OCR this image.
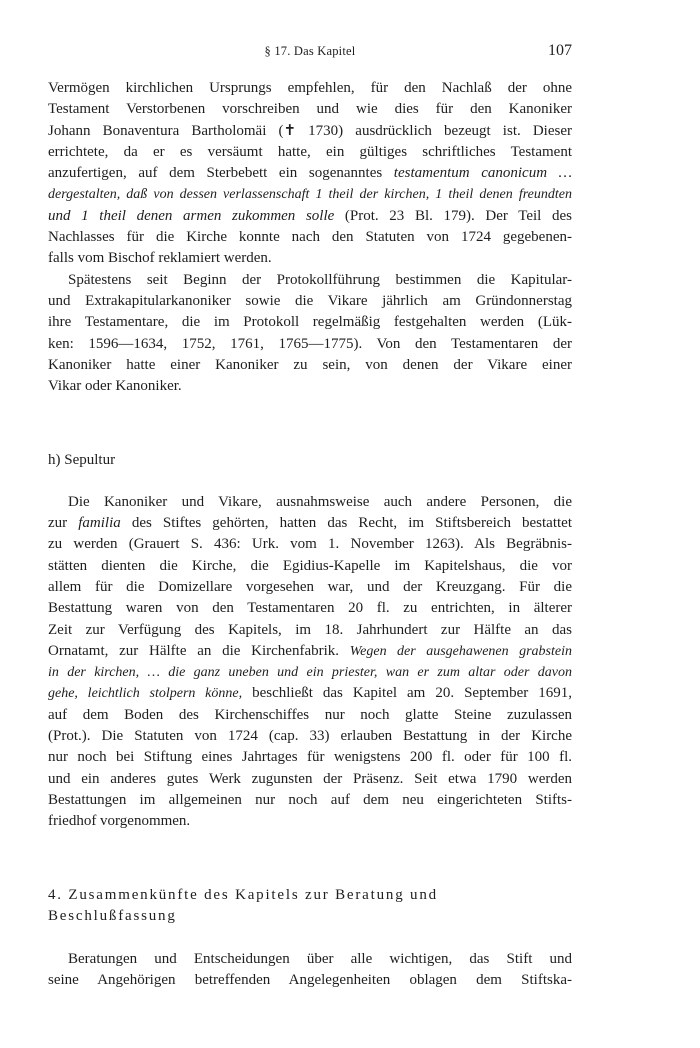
§ 17. Das Kapitel	107

Vermögen kirchlichen Ursprungs empfehlen, für den Nachlaß der ohne
Testament Verstorbenen vorschreiben und wie dies für den Kanoniker
Johann Bonaventura Bartholomäi (✝ 1730) ausdrücklich bezeugt ist. Dieser
errichtete, da er es versäumt hatte, ein gültiges schriftliches Testament
anzufertigen, auf dem Sterbebett ein sogenanntes testamentum canonicum …
dergestalten, daß von dessen verlassenschaft 1 theil der kirchen, 1 theil denen freundten
und 1 theil denen armen zukommen solle (Prot. 23 Bl. 179). Der Teil des
Nachlasses für die Kirche konnte nach den Statuten von 1724 gegebenen-
falls vom Bischof reklamiert werden.

Spätestens seit Beginn der Protokollführung bestimmen die Kapitular-
und Extrakapitularkanoniker sowie die Vikare jährlich am Gründonnerstag
ihre Testamentare, die im Protokoll regelmäßig festgehalten werden (Lük-
ken: 1596—1634, 1752, 1761, 1765—1775). Von den Testamentaren der
Kanoniker hatte einer Kanoniker zu sein, von denen der Vikare einer
Vikar oder Kanoniker.

h) Sepultur

Die Kanoniker und Vikare, ausnahmsweise auch andere Personen, die
zur familia des Stiftes gehörten, hatten das Recht, im Stiftsbereich bestattet
zu werden (Grauert S. 436: Urk. vom 1. November 1263). Als Begräbnis-
stätten dienten die Kirche, die Egidius-Kapelle im Kapitelshaus, die vor
allem für die Domizellare vorgesehen war, und der Kreuzgang. Für die
Bestattung waren von den Testamentaren 20 fl. zu entrichten, in älterer
Zeit zur Verfügung des Kapitels, im 18. Jahrhundert zur Hälfte an das
Ornatamt, zur Hälfte an die Kirchenfabrik. Wegen der ausgehawenen grabstein
in der kirchen, … die ganz uneben und ein priester, wan er zum altar oder davon
gehe, leichtlich stolpern könne, beschließt das Kapitel am 20. September 1691,
auf dem Boden des Kirchenschiffes nur noch glatte Steine zuzulassen
(Prot.). Die Statuten von 1724 (cap. 33) erlauben Bestattung in der Kirche
nur noch bei Stiftung eines Jahrtages für wenigstens 200 fl. oder für 100 fl.
und ein anderes gutes Werk zugunsten der Präsenz. Seit etwa 1790 werden
Bestattungen im allgemeinen nur noch auf dem neu eingerichteten Stifts-
friedhof vorgenommen.

4. Zusammenkünfte des Kapitels zur Beratung und
Beschlußfassung

Beratungen und Entscheidungen über alle wichtigen, das Stift und
seine Angehörigen betreffenden Angelegenheiten oblagen dem Stiftska-
